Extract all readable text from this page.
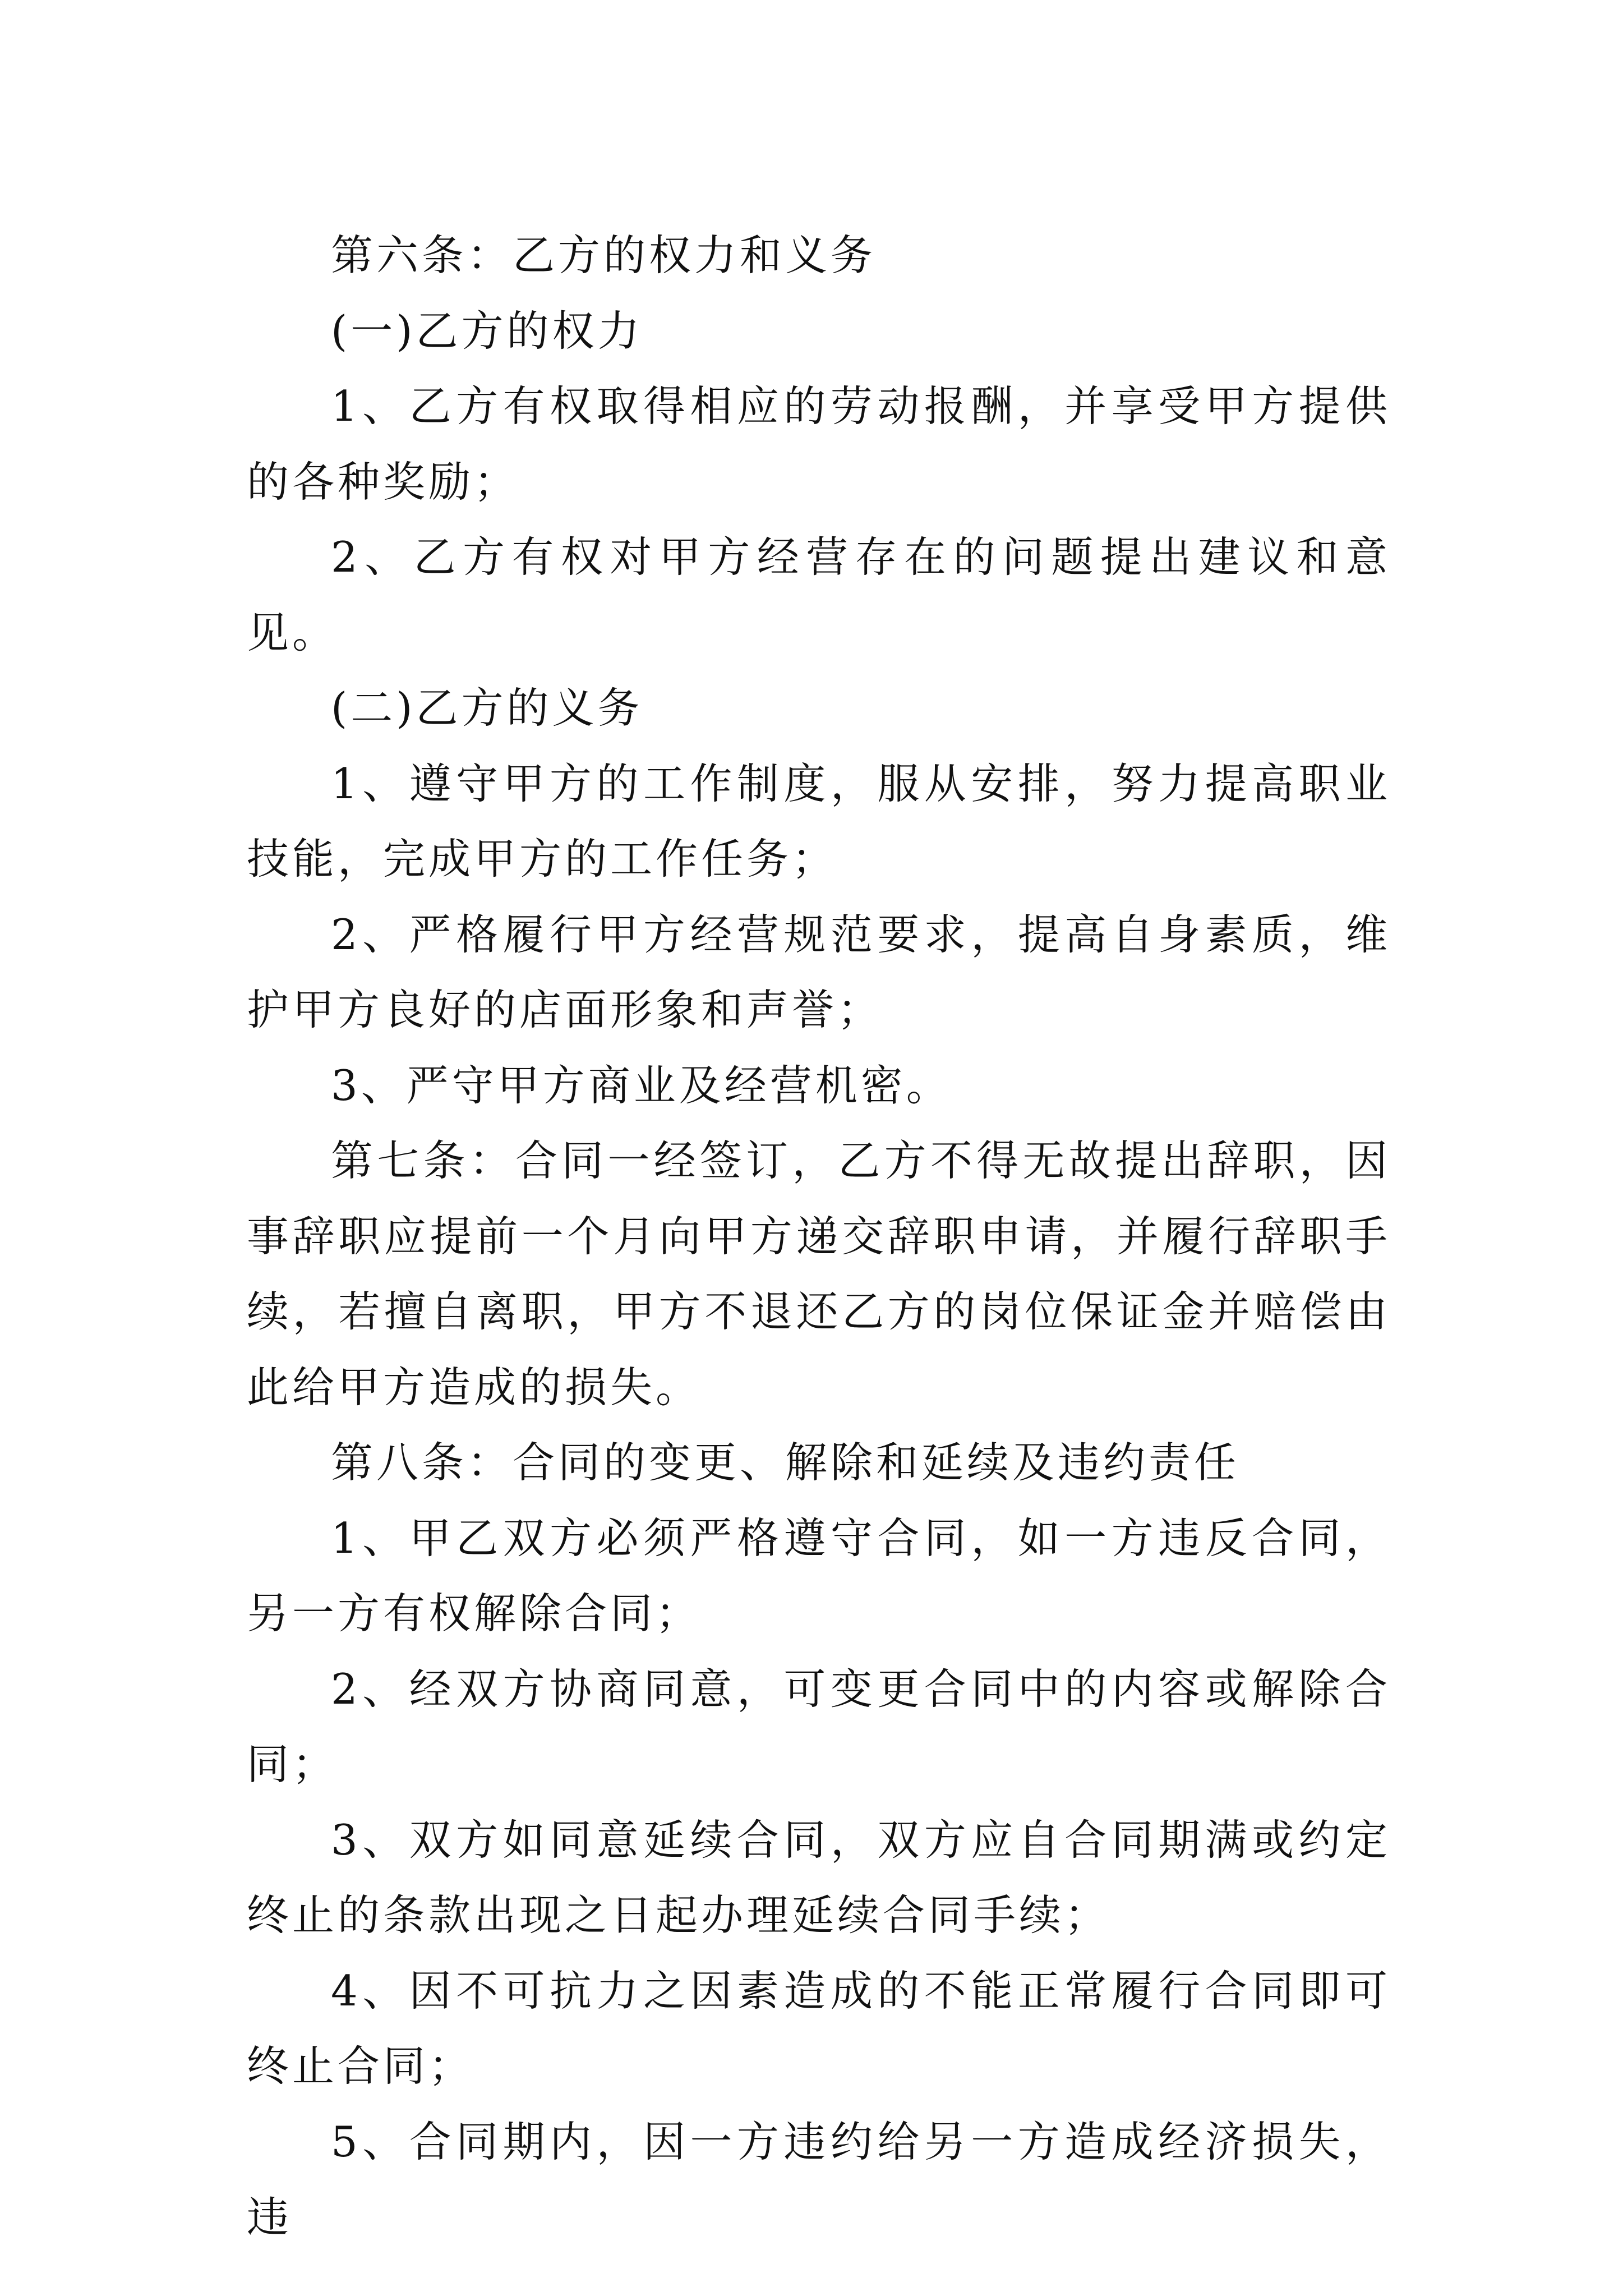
第六条：乙方的权力和义务

(一)乙方的权力

1、乙方有权取得相应的劳动报酬，并享受甲方提供的各种奖励；

2、乙方有权对甲方经营存在的问题提出建议和意见。

(二)乙方的义务

1、遵守甲方的工作制度，服从安排，努力提高职业技能，完成甲方的工作任务；

2、严格履行甲方经营规范要求，提高自身素质，维护甲方良好的店面形象和声誉；

3、严守甲方商业及经营机密。

第七条：合同一经签订，乙方不得无故提出辞职，因事辞职应提前一个月向甲方递交辞职申请，并履行辞职手续，若擅自离职，甲方不退还乙方的岗位保证金并赔偿由此给甲方造成的损失。

第八条：合同的变更、解除和延续及违约责任

1、甲乙双方必须严格遵守合同，如一方违反合同，另一方有权解除合同；

2、经双方协商同意，可变更合同中的内容或解除合同；

3、双方如同意延续合同，双方应自合同期满或约定终止的条款出现之日起办理延续合同手续；

4、因不可抗力之因素造成的不能正常履行合同即可终止合同；

5、合同期内，因一方违约给另一方造成经济损失，违
